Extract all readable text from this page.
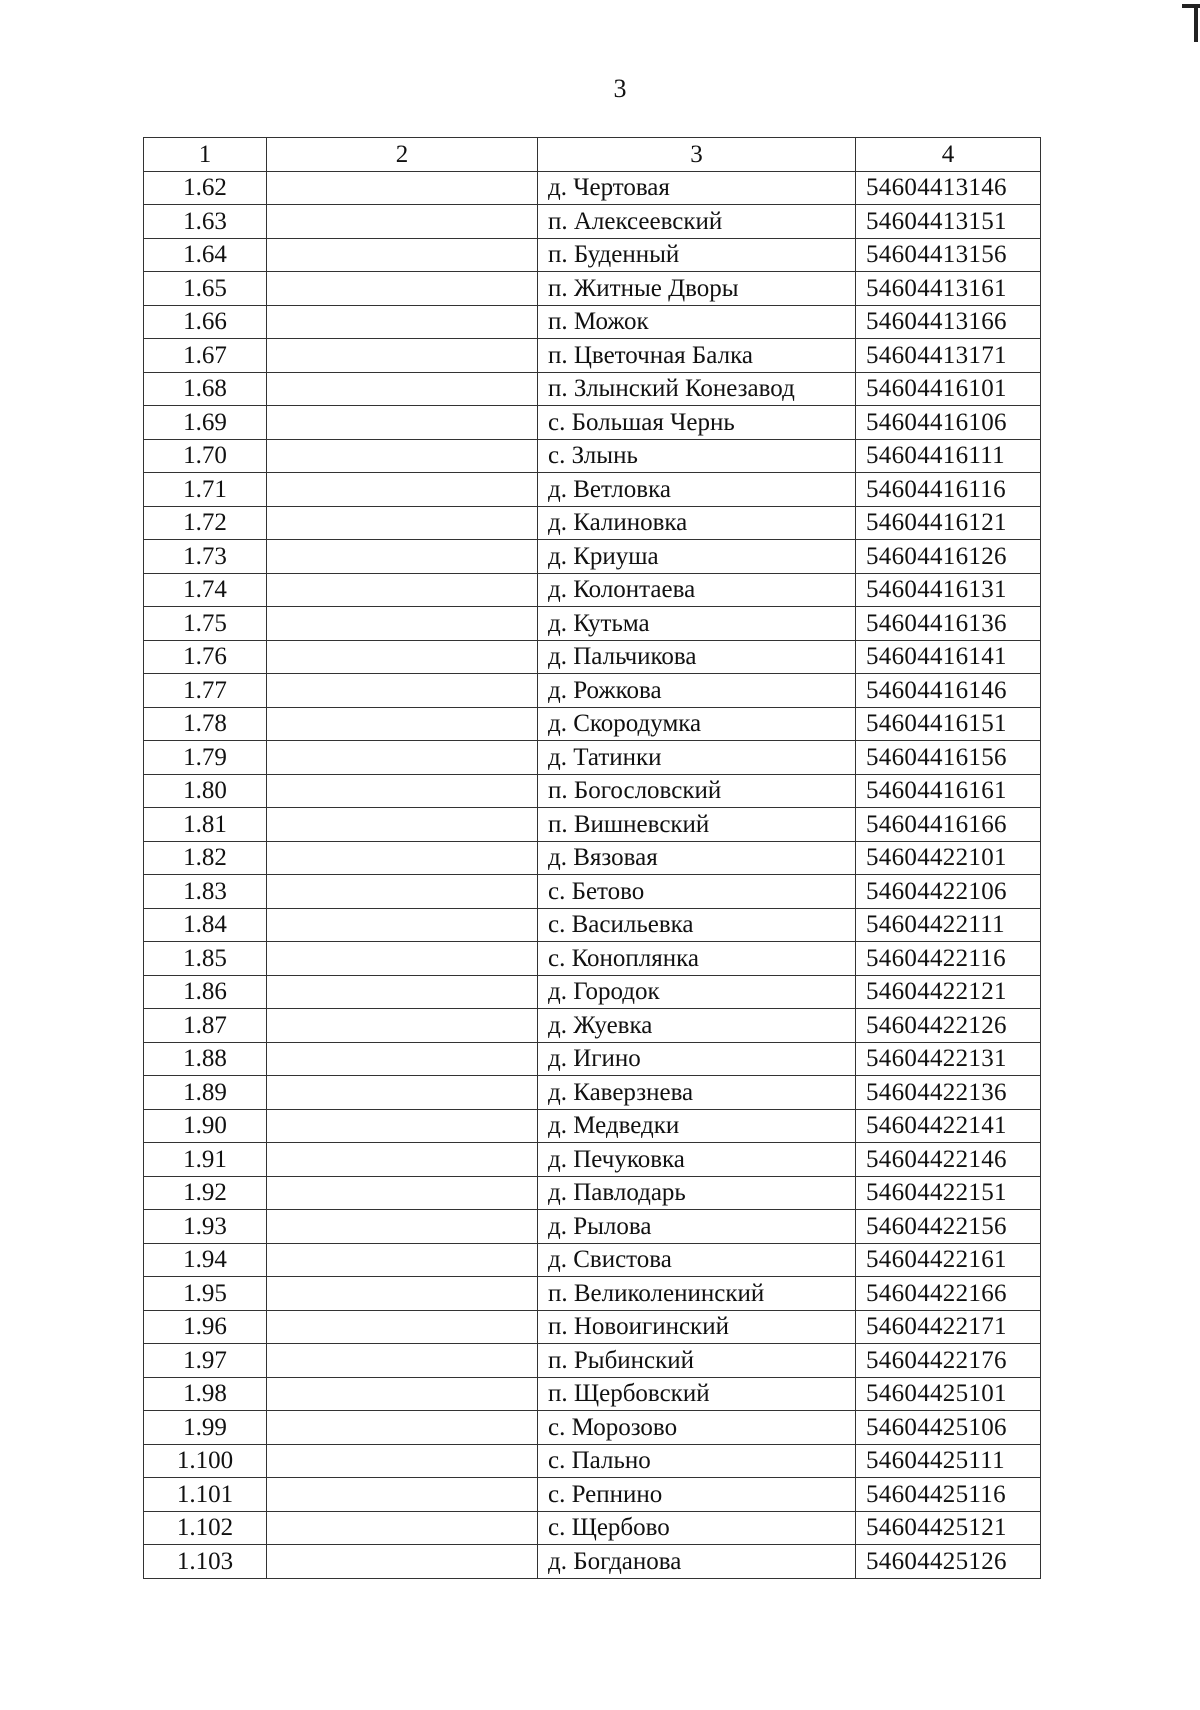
3
1	2	3	4
1.62		д. Чертовая	54604413146
1.63		п. Алексеевский	54604413151
1.64		п. Буденный	54604413156
1.65		п. Житные Дворы	54604413161
1.66		п. Можок	54604413166
1.67		п. Цветочная Балка	54604413171
1.68		п. Злынский Конезавод	54604416101
1.69		с. Большая Чернь	54604416106
1.70		с. Злынь	54604416111
1.71		д. Ветловка	54604416116
1.72		д. Калиновка	54604416121
1.73		д. Криуша	54604416126
1.74		д. Колонтаева	54604416131
1.75		д. Кутьма	54604416136
1.76		д. Пальчикова	54604416141
1.77		д. Рожкова	54604416146
1.78		д. Скородумка	54604416151
1.79		д. Татинки	54604416156
1.80		п. Богословский	54604416161
1.81		п. Вишневский	54604416166
1.82		д. Вязовая	54604422101
1.83		с. Бетово	54604422106
1.84		с. Васильевка	54604422111
1.85		с. Коноплянка	54604422116
1.86		д. Городок	54604422121
1.87		д. Жуевка	54604422126
1.88		д. Игино	54604422131
1.89		д. Каверзнева	54604422136
1.90		д. Медведки	54604422141
1.91		д. Печуковка	54604422146
1.92		д. Павлодарь	54604422151
1.93		д. Рылова	54604422156
1.94		д. Свистова	54604422161
1.95		п. Великоленинский	54604422166
1.96		п. Новоигинский	54604422171
1.97		п. Рыбинский	54604422176
1.98		п. Щербовский	54604425101
1.99		с. Морозово	54604425106
1.100		с. Пально	54604425111
1.101		с. Репнино	54604425116
1.102		с. Щербово	54604425121
1.103		д. Богданова	54604425126
